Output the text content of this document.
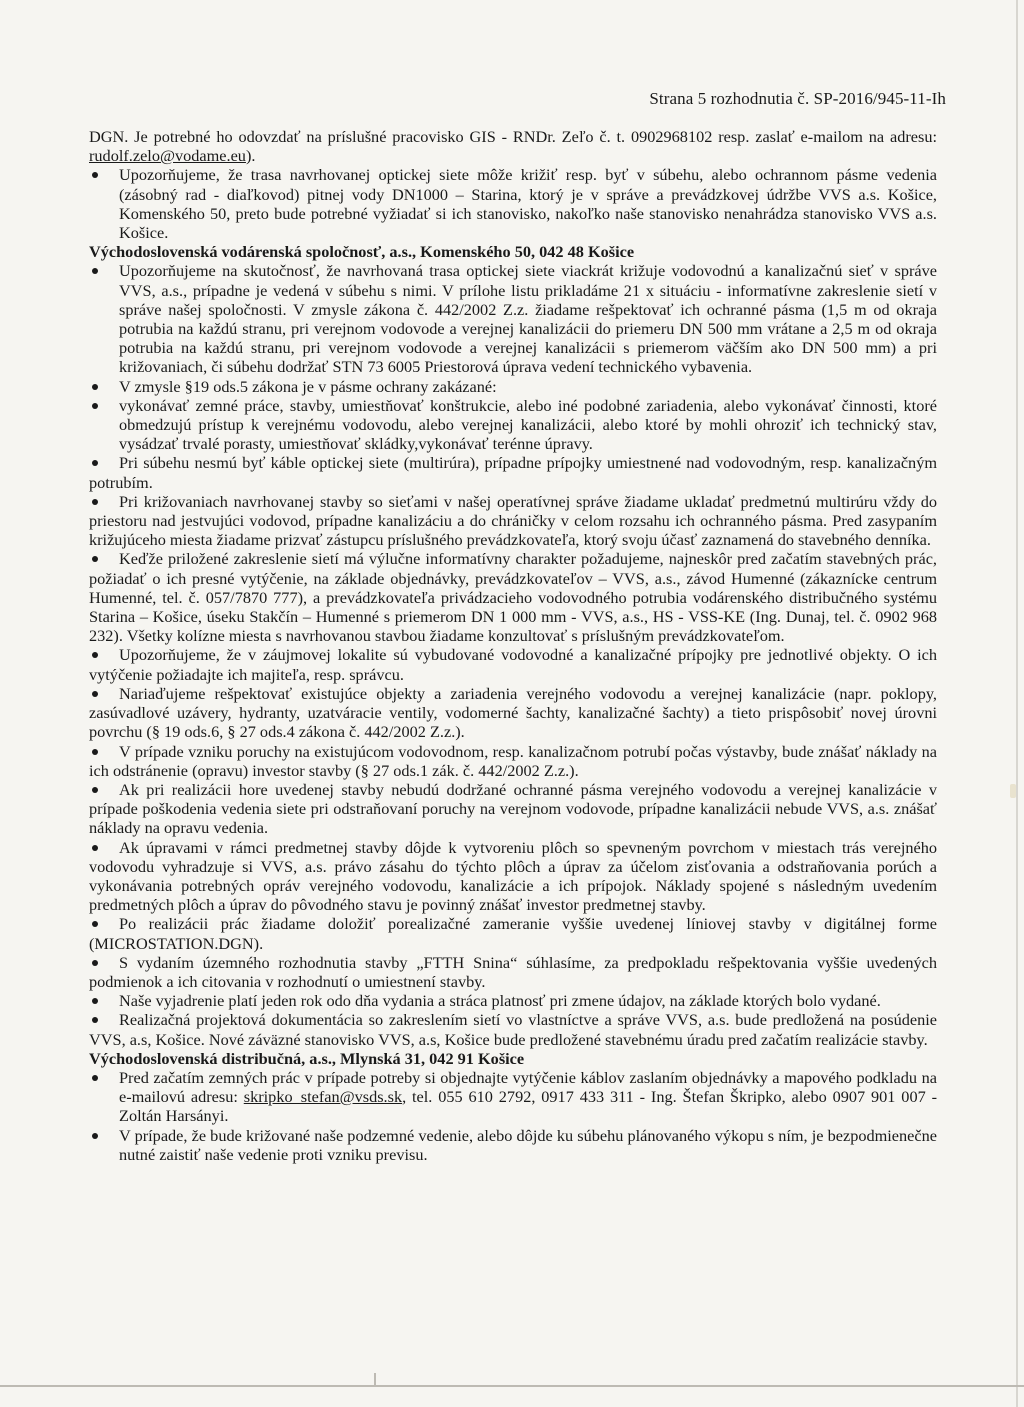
Strana 5 rozhodnutia č. SP-2016/945-11-Ih

DGN. Je potrebné ho odovzdať na príslušné pracovisko GIS - RNDr. Zeľo č. t. 0902968102 resp. zaslať e-mailom na adresu: rudolf.zelo@vodame.eu).

Upozorňujeme, že trasa navrhovanej optickej siete môže križiť resp. byť v súbehu, alebo ochrannom pásme vedenia (zásobný rad - diaľkovod) pitnej vody DN1000 – Starina, ktorý je v správe a prevádzkovej údržbe VVS a.s. Košice, Komenského 50, preto bude potrebné vyžiadať si ich stanovisko, nakoľko naše stanovisko nenahrádza stanovisko VVS a.s. Košice.

Východoslovenská vodárenská spoločnosť, a.s., Komenského 50, 042 48 Košice

Upozorňujeme na skutočnosť, že navrhovaná trasa optickej siete viackrát križuje vodovodnú a kanalizačnú sieť v správe VVS, a.s., prípadne je vedená v súbehu s nimi. V prílohe listu prikladáme 21 x situáciu - informatívne zakreslenie sietí v správe našej spoločnosti. V zmysle zákona č. 442/2002 Z.z. žiadame rešpektovať ich ochranné pásma (1,5 m od okraja potrubia na každú stranu, pri verejnom vodovode a verejnej kanalizácii do priemeru DN 500 mm vrátane a 2,5 m od okraja potrubia na každú stranu, pri verejnom vodovode a verejnej kanalizácii s priemerom väčším ako DN 500 mm) a pri križovaniach, či súbehu dodržať STN 73 6005 Priestorová úprava vedení technického vybavenia.

V zmysle §19 ods.5 zákona je v pásme ochrany zakázané:

vykonávať zemné práce, stavby, umiestňovať konštrukcie, alebo iné podobné zariadenia, alebo vykonávať činnosti, ktoré obmedzujú prístup k verejnému vodovodu, alebo verejnej kanalizácii, alebo ktoré by mohli ohroziť ich technický stav, vysádzať trvalé porasty, umiestňovať skládky,vykonávať terénne úpravy.

Pri súbehu nesmú byť káble optickej siete (multirúra), prípadne prípojky umiestnené nad vodovodným, resp. kanalizačným potrubím.

Pri križovaniach navrhovanej stavby so sieťami v našej operatívnej správe žiadame ukladať predmetnú multirúru vždy do priestoru nad jestvujúci vodovod, prípadne kanalizáciu a do chráničky v celom rozsahu ich ochranného pásma. Pred zasypaním križujúceho miesta žiadame prizvať zástupcu príslušného prevádzkovateľa, ktorý svoju účasť zaznamená do stavebného denníka.

Keďže priložené zakreslenie sietí má výlučne informatívny charakter požadujeme, najneskôr pred začatím stavebných prác, požiadať o ich presné vytýčenie, na základe objednávky, prevádzkovateľov – VVS, a.s., závod Humenné (zákaznícke centrum Humenné, tel. č. 057/7870 777), a prevádzkovateľa privádzacieho vodovodného potrubia vodárenského distribučného systému Starina – Košice, úseku Stakčín – Humenné s priemerom DN 1 000 mm - VVS, a.s., HS - VSS-KE (Ing. Dunaj, tel. č. 0902 968 232). Všetky kolízne miesta s navrhovanou stavbou žiadame konzultovať s príslušným prevádzkovateľom.

Upozorňujeme, že v záujmovej lokalite sú vybudované vodovodné a kanalizačné prípojky pre jednotlivé objekty. O ich vytýčenie požiadajte ich majiteľa, resp. správcu.

Nariaďujeme rešpektovať existujúce objekty a zariadenia verejného vodovodu a verejnej kanalizácie (napr. poklopy, zasúvadlové uzávery, hydranty, uzatváracie ventily, vodomerné šachty, kanalizačné šachty) a tieto prispôsobiť novej úrovni povrchu (§ 19 ods.6, § 27 ods.4 zákona č. 442/2002 Z.z.).

V prípade vzniku poruchy na existujúcom vodovodnom, resp. kanalizačnom potrubí počas výstavby, bude znášať náklady na ich odstránenie (opravu) investor stavby (§ 27 ods.1 zák. č. 442/2002 Z.z.).

Ak pri realizácii hore uvedenej stavby nebudú dodržané ochranné pásma verejného vodovodu a verejnej kanalizácie v prípade poškodenia vedenia siete pri odstraňovaní poruchy na verejnom vodovode, prípadne kanalizácii nebude VVS, a.s. znášať náklady na opravu vedenia.

Ak úpravami v rámci predmetnej stavby dôjde k vytvoreniu plôch so spevneným povrchom v miestach trás verejného vodovodu vyhradzuje si VVS, a.s. právo zásahu do týchto plôch a úprav za účelom zisťovania a odstraňovania porúch a vykonávania potrebných opráv verejného vodovodu, kanalizácie a ich prípojok. Náklady spojené s následným uvedením predmetných plôch a úprav do pôvodného stavu je povinný znášať investor predmetnej stavby.

Po realizácii prác žiadame doložiť porealizačné zameranie vyššie uvedenej líniovej stavby v digitálnej forme (MICROSTATION.DGN).

S vydaním územného rozhodnutia stavby „FTTH Snina“ súhlasíme, za predpokladu rešpektovania vyššie uvedených podmienok a ich citovania v rozhodnutí o umiestnení stavby.

Naše vyjadrenie platí jeden rok odo dňa vydania a stráca platnosť pri zmene údajov, na základe ktorých bolo vydané.

Realizačná projektová dokumentácia so zakreslením sietí vo vlastníctve a správe VVS, a.s. bude predložená na posúdenie VVS, a.s, Košice. Nové záväzné stanovisko VVS, a.s, Košice bude predložené stavebnému úradu pred začatím realizácie stavby.

Východoslovenská distribučná, a.s., Mlynská 31, 042 91 Košice

Pred začatím zemných prác v prípade potreby si objednajte vytýčenie káblov zaslaním objednávky a mapového podkladu na e-mailovú adresu: skripko_stefan@vsds.sk, tel. 055 610 2792, 0917 433 311 - Ing. Štefan Škripko, alebo 0907 901 007 - Zoltán Harsányi.

V prípade, že bude križované naše podzemné vedenie, alebo dôjde ku súbehu plánovaného výkopu s ním, je bezpodmienečne nutné zaistiť naše vedenie proti vzniku previsu.
